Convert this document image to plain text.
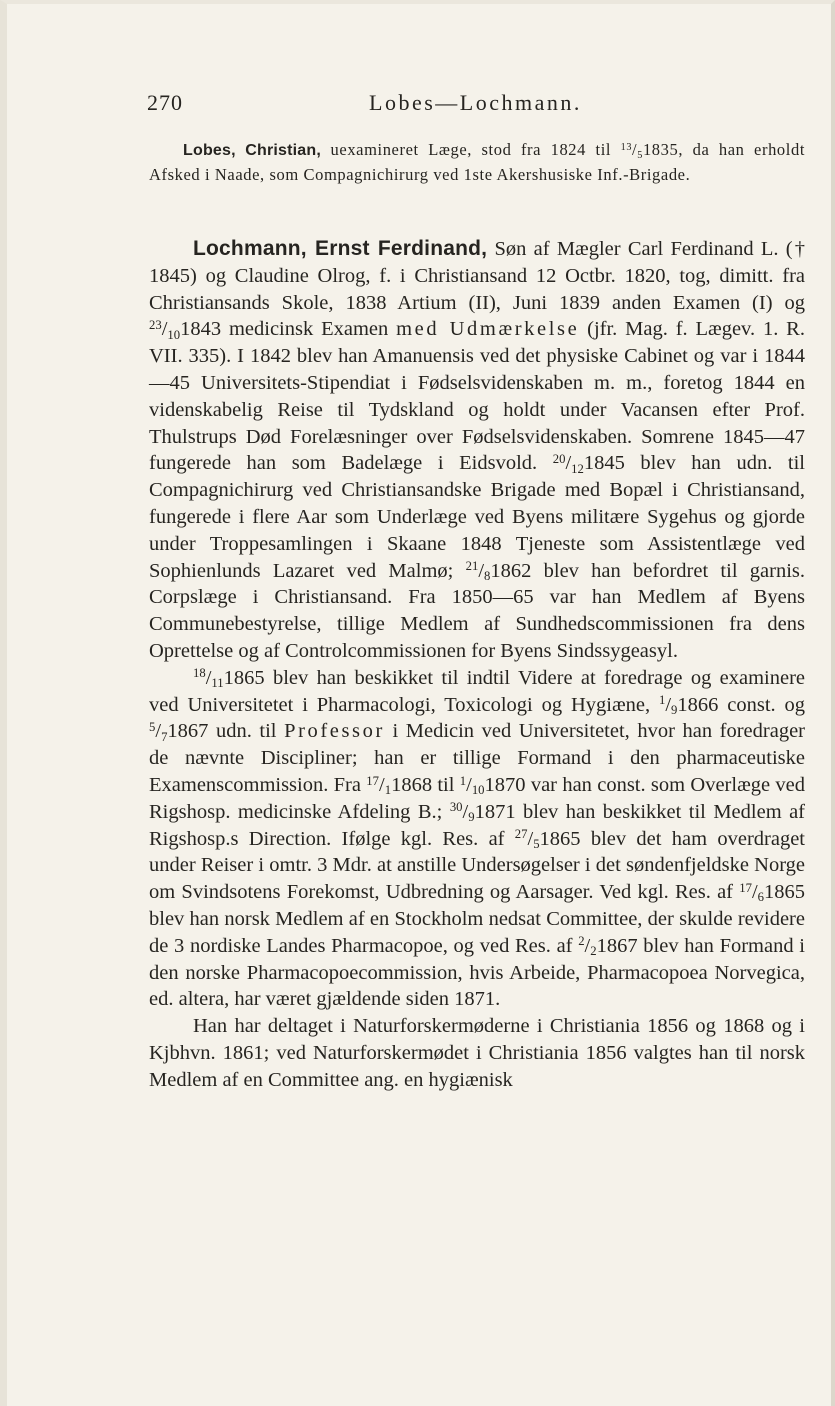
270	Lobes—Lochmann.
Lobes, Christian, uexamineret Læge, stod fra 1824 til $^{13}/_51835$, da han erholdt Afsked i Naade, som Compagnichirurg ved 1ste Akershusiske Inf.-Brigade.

Lochmann, Ernst Ferdinand, Søn af Mægler Carl Ferdinand L. († 1845) og Claudine Olrog, f. i Christiansand 12 Octbr. 1820, tog, dimitt. fra Christiansands Skole, 1838 Artium (II), Juni 1839 anden Examen (I) og $^{23}/_{10}1843$ medicinsk Examen med Udmærkelse (jfr. Mag. f. Lægev. 1. R. VII. 335). I 1842 blev han Amanuensis ved det physiske Cabinet og var i 1844—45 Universitets-Stipendiat i Fødselsvidenskaben m. m., foretog 1844 en videnskabelig Reise til Tydskland og holdt under Vacansen efter Prof. Thulstrups Død Forelæsninger over Fødselsvidenskaben. Somrene 1845—47 fungerede han som Badelæge i Eidsvold. $^{20}/_{12}1845$ blev han udn. til Compagnichirurg ved Christiansandske Brigade med Bopæl i Christiansand, fungerede i flere Aar som Underlæge ved Byens militære Sygehus og gjorde under Troppesamlingen i Skaane 1848 Tjeneste som Assistentlæge ved Sophienlunds Lazaret ved Malmø; $^{21}/_81862$ blev han befordret til garnis. Corpslæge i Christiansand. Fra 1850—65 var han Medlem af Byens Communebestyrelse, tillige Medlem af Sundhedscommissionen fra dens Oprettelse og af Controlcommissionen for Byens Sindssygeasyl.

$^{18}/_{11}1865$ blev han beskikket til indtil Videre at foredrage og examinere ved Universitetet i Pharmacologi, Toxicologi og Hygiæne, $^1/_91866$ const. og $^5/_71867$ udn. til Professor i Medicin ved Universitetet, hvor han foredrager de nævnte Discipliner; han er tillige Formand i den pharmaceutiske Examenscommission. Fra $^{17}/_11868$ til $^1/_{10}1870$ var han const. som Overlæge ved Rigshosp. medicinske Afdeling B.; $^{30}/_91871$ blev han beskikket til Medlem af Rigshosp.s Direction. Ifølge kgl. Res. af $^{27}/_51865$ blev det ham overdraget under Reiser i omtr. 3 Mdr. at anstille Undersøgelser i det søndenfjeldske Norge om Svindsotens Forekomst, Udbredning og Aarsager. Ved kgl. Res. af $^{17}/_61865$ blev han norsk Medlem af en Stockholm nedsat Committee, der skulde revidere de 3 nordiske Landes Pharmacopoe, og ved Res. af $^2/_21867$ blev han Formand i den norske Pharmacopoecommission, hvis Arbeide, Pharmacopoea Norvegica, ed. altera, har været gjældende siden 1871.

Han har deltaget i Naturforskermøderne i Christiania 1856 og 1868 og i Kjbhvn. 1861; ved Naturforskermødet i Christiania 1856 valgtes han til norsk Medlem af en Committee ang. en hygiænisk
